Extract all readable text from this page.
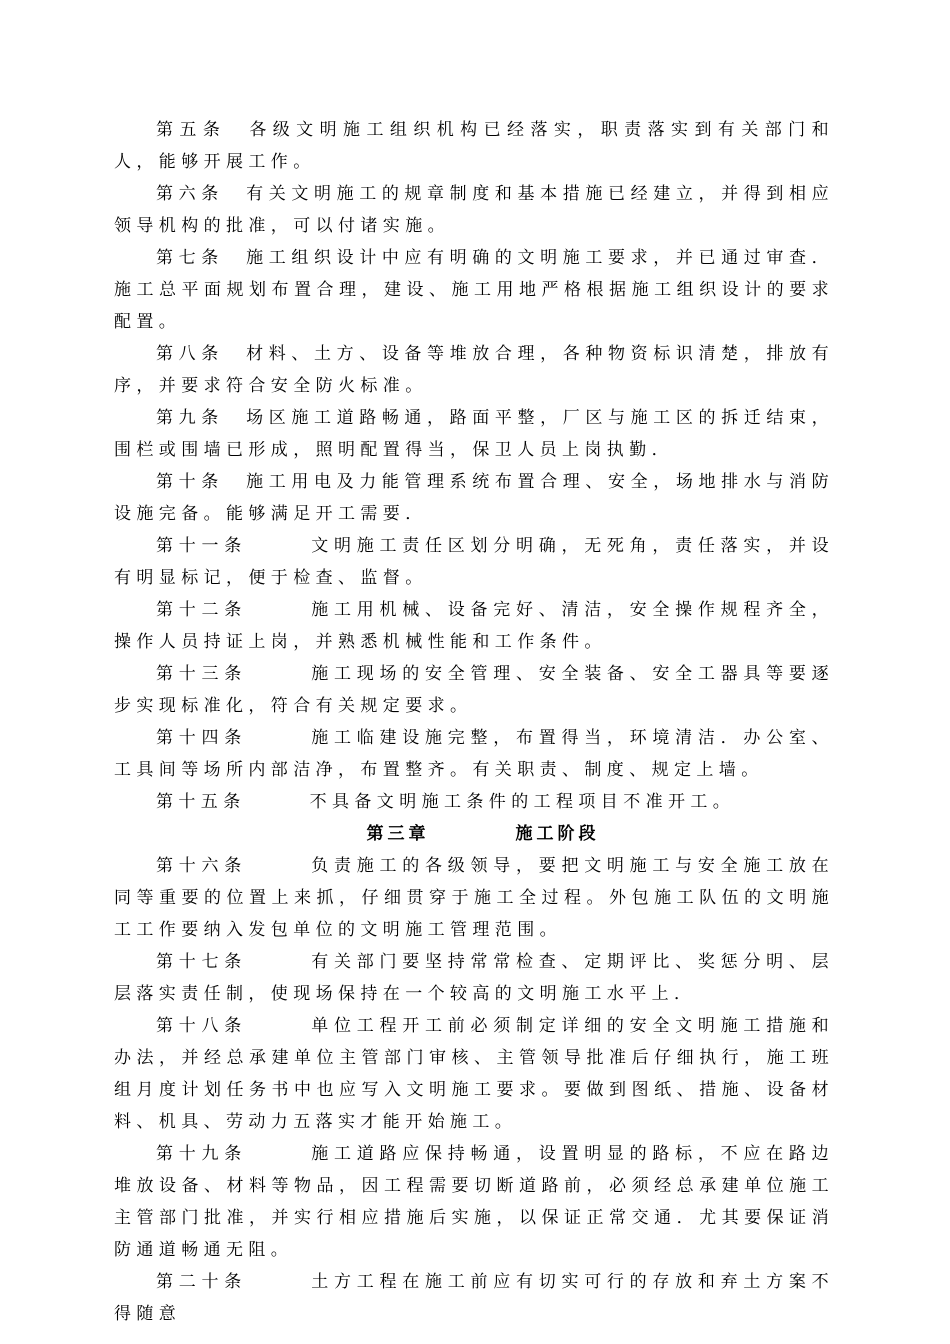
第五条 各级文明施工组织机构已经落实，职责落实到有关部门和人，能够开展工作。

第六条 有关文明施工的规章制度和基本措施已经建立，并得到相应领导机构的批准，可以付诸实施。

第七条 施工组织设计中应有明确的文明施工要求，并已通过审查．施工总平面规划布置合理，建设、施工用地严格根据施工组织设计的要求配置。

第八条 材料、土方、设备等堆放合理，各种物资标识清楚，排放有序，并要求符合安全防火标准。

第九条 场区施工道路畅通，路面平整，厂区与施工区的拆迁结束，围栏或围墙已形成，照明配置得当，保卫人员上岗执勤．

第十条 施工用电及力能管理系统布置合理、安全，场地排水与消防设施完备。能够满足开工需要．

第十一条	文明施工责任区划分明确，无死角，责任落实，并设有明显标记，便于检查、监督。

第十二条	施工用机械、设备完好、清洁，安全操作规程齐全，操作人员持证上岗，并熟悉机械性能和工作条件。

第十三条	施工现场的安全管理、安全装备、安全工器具等要逐步实现标准化，符合有关规定要求。

第十四条	施工临建设施完整，布置得当，环境清洁．办公室、工具间等场所内部洁净，布置整齐。有关职责、制度、规定上墙。

第十五条	不具备文明施工条件的工程项目不准开工。

第三章	施工阶段

第十六条	负责施工的各级领导，要把文明施工与安全施工放在同等重要的位置上来抓，仔细贯穿于施工全过程。外包施工队伍的文明施工工作要纳入发包单位的文明施工管理范围。

第十七条	有关部门要坚持常常检查、定期评比、奖惩分明、层层落实责任制，使现场保持在一个较高的文明施工水平上．

第十八条	单位工程开工前必须制定详细的安全文明施工措施和办法，并经总承建单位主管部门审核、主管领导批准后仔细执行，施工班组月度计划任务书中也应写入文明施工要求。要做到图纸、措施、设备材料、机具、劳动力五落实才能开始施工。

第十九条	施工道路应保持畅通，设置明显的路标，不应在路边堆放设备、材料等物品，因工程需要切断道路前，必须经总承建单位施工主管部门批准，并实行相应措施后实施，以保证正常交通．尤其要保证消防通道畅通无阻。

第二十条	土方工程在施工前应有切实可行的存放和弃土方案不得随意
